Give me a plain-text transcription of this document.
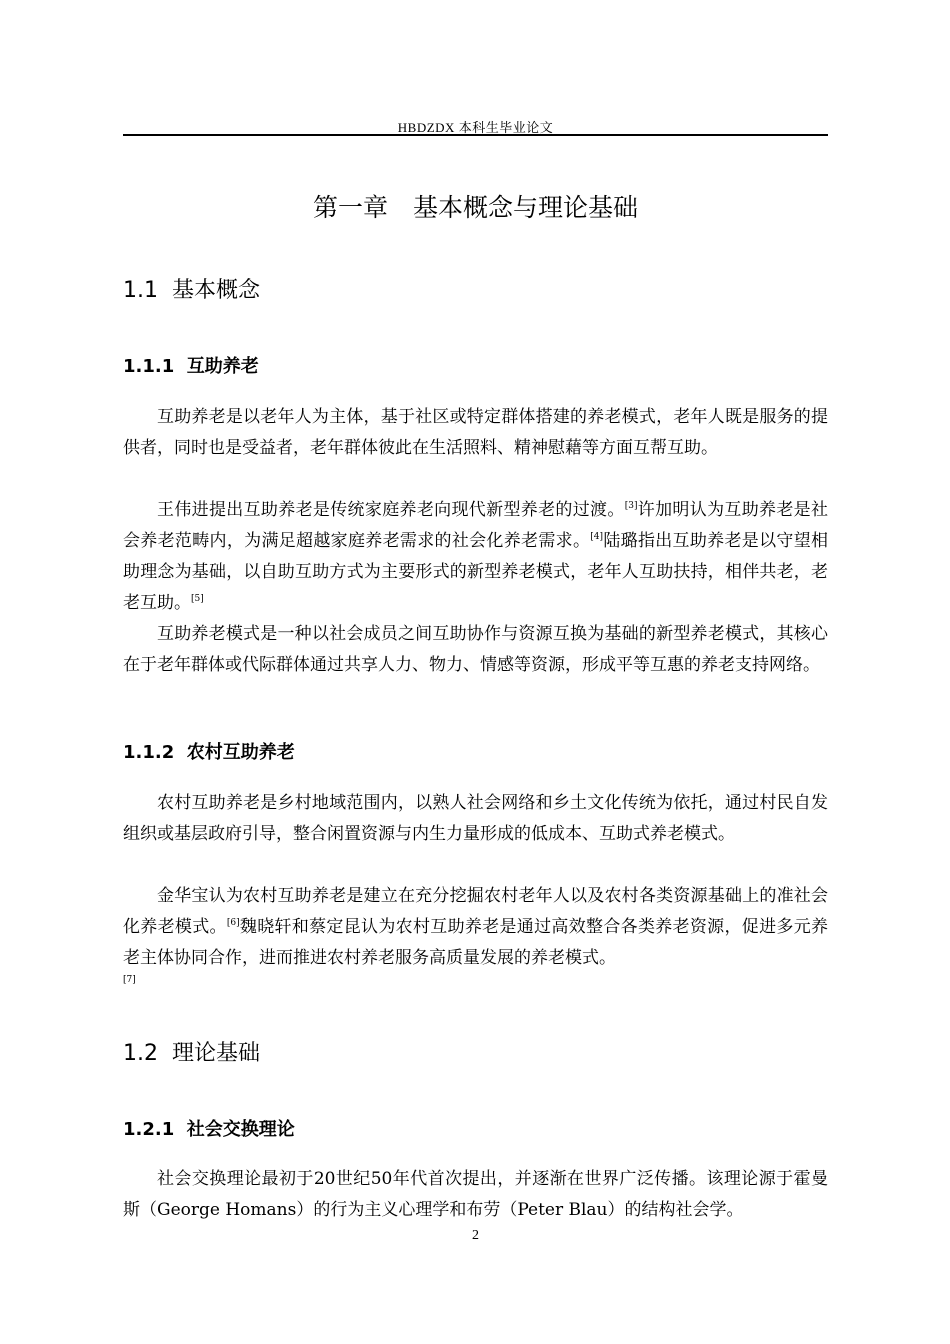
HBDZDX 本科生毕业论文
第一章　基本概念与理论基础
1.1  基本概念
1.1.1  互助养老

互助养老是以老年人为主体，基于社区或特定群体搭建的养老模式，老年人既是服务的提供者，同时也是受益者，老年群体彼此在生活照料、精神慰藉等方面互帮互助。

王伟进提出互助养老是传统家庭养老向现代新型养老的过渡。[3]许加明认为互助养老是社会养老范畴内，为满足超越家庭养老需求的社会化养老需求。[4]陆璐指出互助养老是以守望相助理念为基础，以自助互助方式为主要形式的新型养老模式，老年人互助扶持，相伴共老，老老互助。[5]

互助养老模式是一种以社会成员之间互助协作与资源互换为基础的新型养老模式，其核心在于老年群体或代际群体通过共享人力、物力、情感等资源，形成平等互惠的养老支持网络。

1.1.2  农村互助养老

农村互助养老是乡村地域范围内，以熟人社会网络和乡土文化传统为依托，通过村民自发组织或基层政府引导，整合闲置资源与内生力量形成的低成本、互助式养老模式。

金华宝认为农村互助养老是建立在充分挖掘农村老年人以及农村各类资源基础上的准社会化养老模式。[6]魏晓轩和蔡定昆认为农村互助养老是通过高效整合各类养老资源，促进多元养老主体协同合作，进而推进农村养老服务高质量发展的养老模式。
[7]

1.2  理论基础
1.2.1  社会交换理论

社会交换理论最初于20世纪50年代首次提出，并逐渐在世界广泛传播。该理论源于霍曼斯（George Homans）的行为主义心理学和布劳（Peter Blau）的结构社会学。

2
